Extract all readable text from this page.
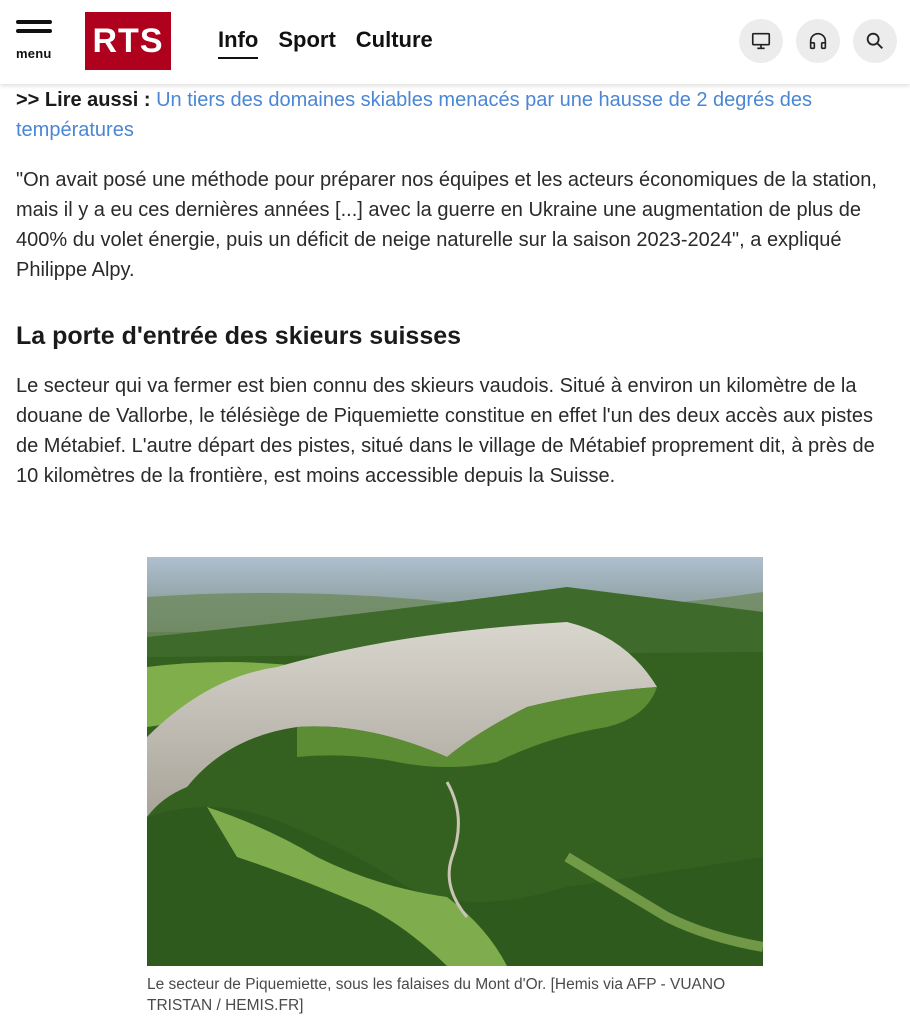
menu RTS	Info Sport Culture

>> Lire aussi : Un tiers des domaines skiables menacés par une hausse de 2 degrés des températures

"On avait posé une méthode pour préparer nos équipes et les acteurs économiques de la station, mais il y a eu ces dernières années [...] avec la guerre en Ukraine une augmentation de plus de 400% du volet énergie, puis un déficit de neige naturelle sur la saison 2023-2024", a expliqué Philippe Alpy.

La porte d'entrée des skieurs suisses

Le secteur qui va fermer est bien connu des skieurs vaudois. Situé à environ un kilomètre de la douane de Vallorbe, le télésiège de Piquemiette constitue en effet l'un des deux accès aux pistes de Métabief. L'autre départ des pistes, situé dans le village de Métabief proprement dit, à près de 10 kilomètres de la frontière, est moins accessible depuis la Suisse.

Le secteur de Piquemiette, sous les falaises du Mont d'Or. [Hemis via AFP - VUANO TRISTAN / HEMIS.FR]
